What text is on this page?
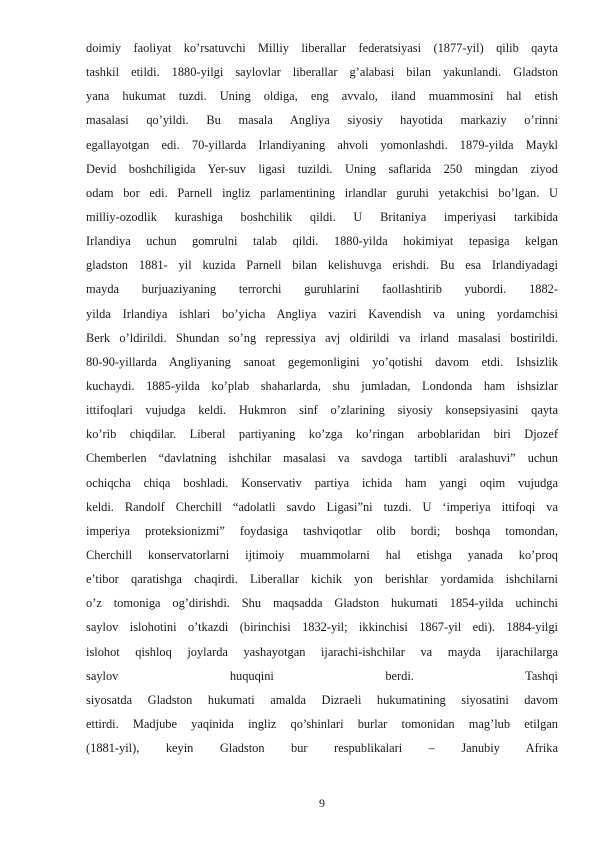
doimiy faoliyat ko’rsatuvchi Milliy liberallar federatsiyasi (1877-yil) qilib qayta
tashkil etildi. 1880-yilgi saylovlar liberallar g’alabasi bilan yakunlandi. Gladston
yana hukumat tuzdi. Uning oldiga, eng avvalo, iland muammosini hal etish
masalasi qo’yildi. Bu masala Angliya siyosiy hayotida markaziy o’rinni
egallayotgan edi. 70-yillarda Irlandiyaning ahvoli yomonlashdi. 1879-yilda Maykl
Devid boshchiligida Yer-suv ligasi tuzildi. Uning saflarida 250 mingdan ziyod
odam bor edi. Parnell ingliz parlamentining irlandlar guruhi yetakchisi bo’lgan. U
milliy-ozodlik kurashiga boshchilik qildi. U Britaniya imperiyasi tarkibida
Irlandiya uchun gomrulni talab qildi. 1880-yilda hokimiyat tepasiga kelgan
gladston 1881- yil kuzida Parnell bilan kelishuvga erishdi. Bu esa Irlandiyadagi
mayda burjuaziyaning terrorchi guruhlarini faollashtirib yubordi. 1882-
yilda Irlandiya ishlari bo’yicha Angliya vaziri Kavendish va uning yordamchisi
Berk o’ldirildi. Shundan so’ng repressiya avj oldirildi va irland masalasi bostirildi.
80-90-yillarda Angliyaning sanoat gegemonligini yo’qotishi davom etdi. Ishsizlik
kuchaydi. 1885-yilda ko’plab shaharlarda, shu jumladan, Londonda ham ishsizlar
ittifoqlari vujudga keldi. Hukmron sinf o’zlarining siyosiy konsepsiyasini qayta
ko’rib chiqdilar. Liberal partiyaning ko’zga ko’ringan arboblaridan biri Djozef
Chemberlen “davlatning ishchilar masalasi va savdoga tartibli aralashuvi” uchun
ochiqcha chiqa boshladi. Konservativ partiya ichida ham yangi oqim vujudga
keldi. Randolf Cherchill “adolatli savdo Ligasi”ni tuzdi. U ‘imperiya ittifoqi va
imperiya proteksionizmi” foydasiga tashviqotlar olib bordi; boshqa tomondan,
Cherchill konservatorlarni ijtimoiy muammolarni hal etishga yanada ko’proq
e’tibor qaratishga chaqirdi. Liberallar kichik yon berishlar yordamida ishchilarni
o’z tomoniga og’dirishdi. Shu maqsadda Gladston hukumati 1854-yilda uchinchi
saylov islohotini o’tkazdi (birinchisi 1832-yil; ikkinchisi 1867-yil edi). 1884-yilgi
islohot qishloq joylarda yashayotgan ijarachi-ishchilar va mayda ijarachilarga
saylov huquqini berdi. Tashqi
siyosatda Gladston hukumati amalda Dizraeli hukumatining siyosatini davom
ettirdi. Madjube yaqinida ingliz qo’shinlari burlar tomonidan mag’lub etilgan
(1881-yil), keyin Gladston bur respublikalari – Janubiy Afrika
9
